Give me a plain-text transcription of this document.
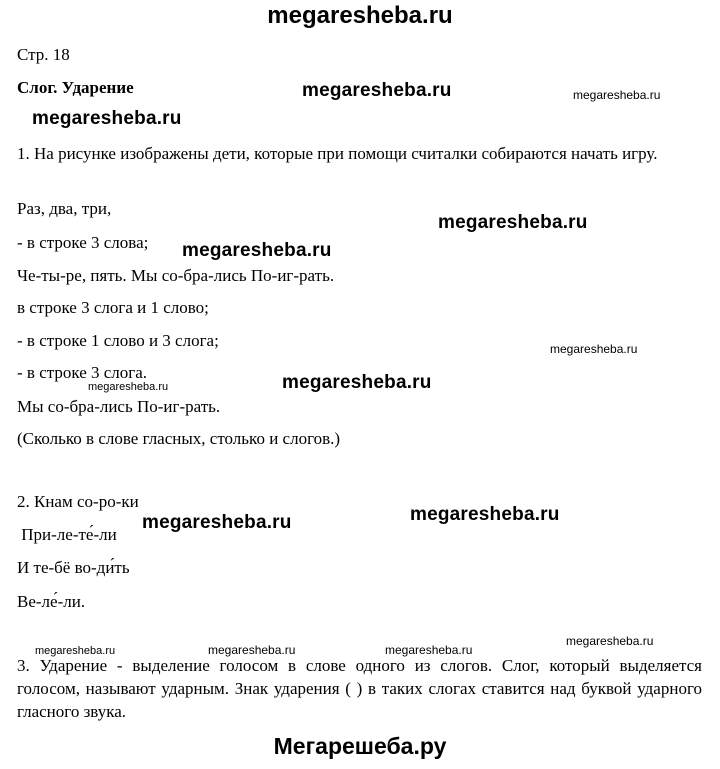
megaresheba.ru
Стр. 18
Слог. Ударение
1. На рисунке изображены дети, которые при помощи считалки собираются начать игру.
Раз, два, три,
- в строке 3 слова;
Че-ты-ре, пять. Мы со-бра-лись По-иг-рать.
в строке 3 слога и 1 слово;
- в строке 1 слово и 3 слога;
- в строке 3 слога.
Мы со-бра-лись По-иг-рать.
(Сколько в слове гласных, столько и слогов.)
2. Кнам со-ро-ки
При-ле-те́-ли
И те-бё во-ди́ть
Ве-ле́-ли.
3. Ударение - выделение голосом в слове одного из слогов. Слог, который выделяется голосом, называют ударным. Знак ударения ( ) в таких слогах ставится над буквой ударного гласного звука.
megaresheba.ru
megaresheba.ru
megaresheba.ru
megaresheba.ru
megaresheba.ru
megaresheba.ru
megaresheba.ru
megaresheba.ru
megaresheba.ru
megaresheba.ru
megaresheba.ru	megaresheba.ru	megaresheba.ru
megaresheba.ru
Мегарешеба.ру
